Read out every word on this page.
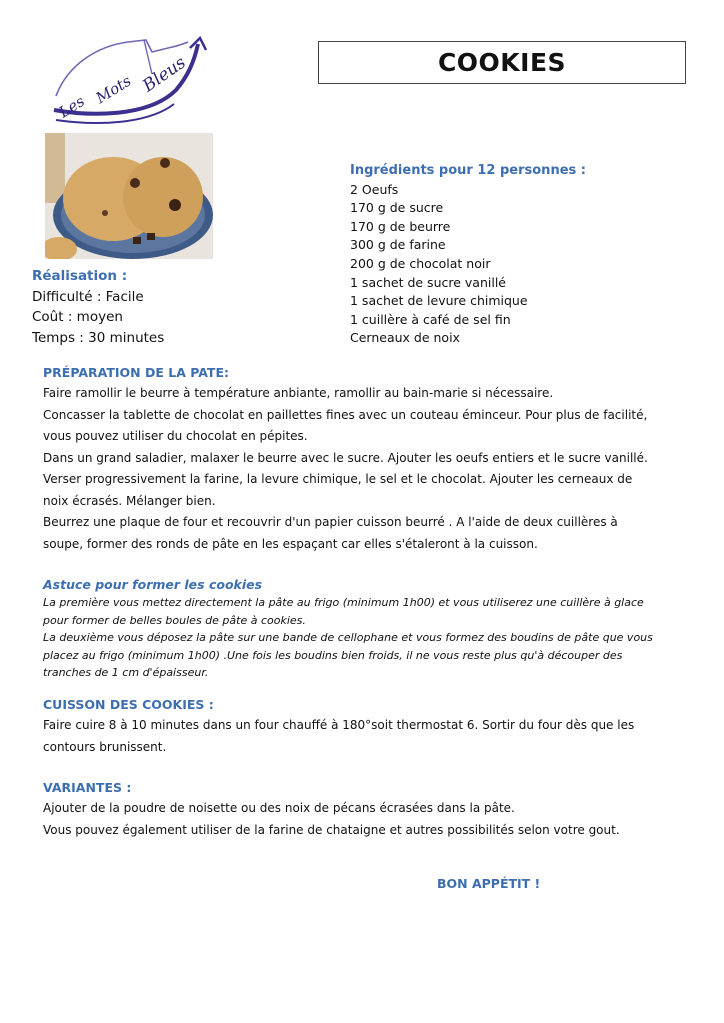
Les Mots Bleus	COOKIES
Réalisation :
Difficulté : Facile
Coût : moyen
Temps : 30 minutes
Ingrédients pour 12 personnes :
2 Oeufs
170 g de sucre
170 g de beurre
300 g de farine
200 g de chocolat noir
1 sachet de sucre vanillé
1 sachet de levure chimique
1 cuillère à café de sel fin
Cerneaux de noix
PRÉPARATION DE LA PATE:

Faire ramollir le beurre à température anbiante, ramollir au bain-marie si nécessaire.

Concasser la tablette de chocolat en paillettes fines avec un couteau éminceur. Pour plus de facilité,

vous pouvez utiliser du chocolat en pépites.

Dans un grand saladier, malaxer le beurre avec le sucre. Ajouter les oeufs entiers et le sucre vanillé.

Verser progressivement la farine, la levure chimique, le sel et le chocolat. Ajouter les cerneaux de

noix écrasés. Mélanger bien.

Beurrez une plaque de four et recouvrir d'un papier cuisson beurré . A l'aide de deux cuillères à

soupe, former des ronds de pâte en les espaçant car elles s'étaleront à la cuisson.

Astuce pour former les cookies

La première vous mettez directement la pâte au frigo (minimum 1h00) et vous utiliserez une cuillère à glace

pour former de belles boules de pâte à cookies.

La deuxième vous déposez la pâte sur une bande de cellophane et vous formez des boudins de pâte que vous

placez au frigo (minimum 1h00) .Une fois les boudins bien froids, il ne vous reste plus qu'à découper des

tranches de 1 cm d'épaisseur.

CUISSON DES COOKIES :

Faire cuire 8 à 10 minutes dans un four chauffé à 180°soit thermostat 6. Sortir du four dès que les

contours brunissent.

VARIANTES :

Ajouter de la poudre de noisette ou des noix de pécans écrasées dans la pâte.

Vous pouvez également utiliser de la farine de chataigne et autres possibilités selon votre gout.

BON APPÉTIT !
